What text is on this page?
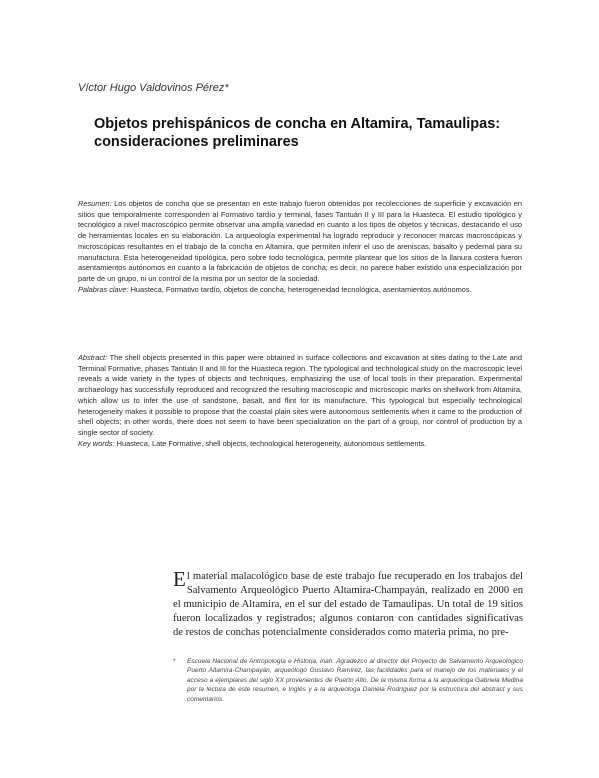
Víctor Hugo Valdovinos Pérez*
Objetos prehispánicos de concha en Altamira, Tamaulipas: consideraciones preliminares

Resumen: Los objetos de concha que se presentan en este trabajo fueron obtenidos por recolecciones de superficie y excavación en sitios que temporalmente corresponden al Formativo tardío y terminal, fases Tantuán II y III para la Huasteca. El estudio tipológico y tecnológico a nivel macroscópico permite observar una amplia variedad en cuanto a los tipos de objetos y técnicas, destacando el uso de herramientas locales en su elaboración. La arqueología experimental ha logrado reproducir y reconocer marcas macroscópicas y microscópicas resultantes en el trabajo de la concha en Altamira, que permiten inferir el uso de areniscas, basalto y pedernal para su manufactura. Esta heterogeneidad tipológica, pero sobre todo tecnológica, permite plantear que los sitios de la llanura costera fueron asentamientos autónomos en cuanto a la fabricación de objetos de concha; es decir, no parece haber existido una especialización por parte de un grupo, ni un control de la misma por un sector de la sociedad.

Palabras clave: Huasteca, Formativo tardío, objetos de concha, heterogeneidad tecnológica, asentamientos autónomos.

Abstract: The shell objects presented in this paper were obtained in surface collections and excavation at sites dating to the Late and Terminal Formative, phases Tantuán II and III for the Huasteca region. The typological and technological study on the macroscopic level reveals a wide variety in the types of objects and techniques, emphasizing the use of local tools in their preparation. Experimental archaeology has successfully reproduced and recognized the resulting macroscopic and microscopic marks on shellwork from Altamira, which allow us to infer the use of sandstone, basalt, and flint for its manufacture. This typological but especially technological heterogeneity makes it possible to propose that the coastal plain sites were autonomous settlements when it came to the production of shell objects; in other words, there does not seem to have been specialization on the part of a group, nor control of production by a single sector of society.

Key words: Huasteca, Late Formative, shell objects, technological heterogeneity, autonomous settlements.

El material malacológico base de este trabajo fue recuperado en los trabajos del Salvamento Arqueológico Puerto Altamira-Champayán, realizado en 2000 en el municipio de Altamira, en el sur del estado de Tamaulipas. Un total de 19 sitios fueron localizados y registrados; algunos contaron con cantidades significativas de restos de conchas potencialmente considerados como materia prima, no pre-

* Escuela Nacional de Antropología e Historia, inah. Agradezco al director del Proyecto de Salvamento Arqueológico Puerto Altamira-Champayán, arqueólogo Gustavo Ramírez, las facilidades para el manejo de los materiales y el acceso a ejemplares del siglo XX provenientes de Puerto Alto. De la misma forma a la arqueóloga Gabriela Medina por la lectura de este resumen, e Inglés y a la arqueóloga Daniela Rodríguez por la estructura del abstract y sus comentarios.
